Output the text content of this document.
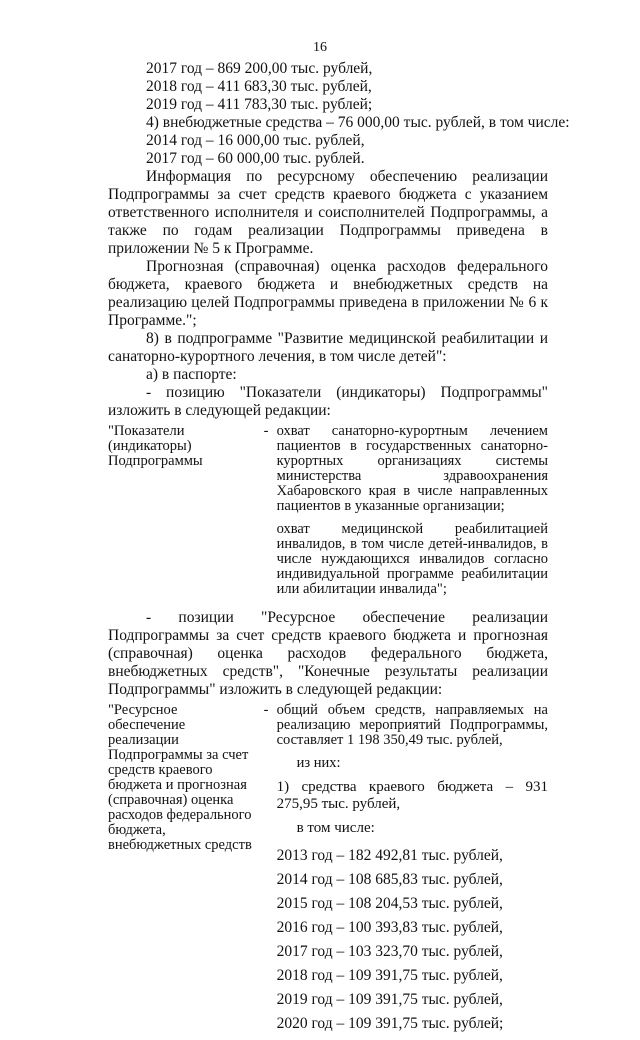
16
2017 год – 869 200,00 тыс. рублей,
2018 год – 411 683,30 тыс. рублей,
2019 год – 411 783,30 тыс. рублей;
4) внебюджетные средства – 76 000,00 тыс. рублей, в том числе:
2014 год – 16 000,00 тыс. рублей,
2017 год – 60 000,00 тыс. рублей.

Информация по ресурсному обеспечению реализации Подпрограммы за счет средств краевого бюджета с указанием ответственного исполнителя и соисполнителей Подпрограммы, а также по годам реализации Подпрограммы приведена в приложении № 5 к Программе.

Прогнозная (справочная) оценка расходов федерального бюджета, краевого бюджета и внебюджетных средств на реализацию целей Подпрограммы приведена в приложении № 6 к Программе.";

8) в подпрограмме "Развитие медицинской реабилитации и санаторно-курортного лечения, в том числе детей":

а) в паспорте:

- позицию "Показатели (индикаторы) Подпрограммы" изложить в следующей редакции:

"Показатели (индикаторы) Подпрограммы
- охват санаторно-курортным лечением пациентов в государственных санаторно-курортных организациях системы министерства здравоохранения Хабаровского края в числе направленных пациентов в указанные организации;
охват медицинской реабилитацией инвалидов, в том числе детей-инвалидов, в числе нуждающихся инвалидов согласно индивидуальной программе реабилитации или абилитации инвалида";

- позиции "Ресурсное обеспечение реализации Подпрограммы за счет средств краевого бюджета и прогнозная (справочная) оценка расходов федерального бюджета, внебюджетных средств", "Конечные результаты реализации Подпрограммы" изложить в следующей редакции:

"Ресурсное обеспечение реализации Подпрограммы за счет средств краевого бюджета и прогнозная (справочная) оценка расходов федерального бюджета, внебюджетных средств
- общий объем средств, направляемых на реализацию мероприятий Подпрограммы, составляет 1 198 350,49 тыс. рублей,
из них:
1) средства краевого бюджета – 931 275,95 тыс. рублей,
в том числе:
2013 год – 182 492,81 тыс. рублей,
2014 год – 108 685,83 тыс. рублей,
2015 год – 108 204,53 тыс. рублей,
2016 год – 100 393,83 тыс. рублей,
2017 год – 103 323,70 тыс. рублей,
2018 год – 109 391,75 тыс. рублей,
2019 год – 109 391,75 тыс. рублей,
2020 год – 109 391,75 тыс. рублей;
